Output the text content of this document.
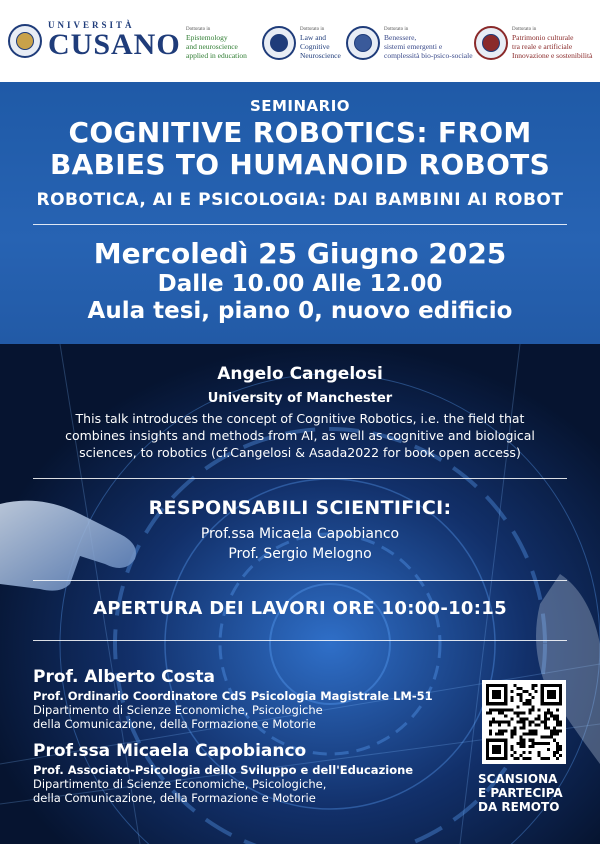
UNIVERSITÀ
CUSANO Dottorato in
Epistemology
and neuroscience
applied in education
Dottorato in
Law and
Cognitive
Neuroscience
Dottorato in
Benessere,
sistemi emergenti e
complessità bio-psico-sociale
Dottorato in
Patrimonio culturale
tra reale e artificiale
Innovazione e sostenibilità
SEMINARIO
COGNITIVE ROBOTICS: FROM
BABIES TO HUMANOID ROBOTS
ROBOTICA, AI E PSICOLOGIA: DAI BAMBINI AI ROBOT
Mercoledì 25 Giugno 2025
Dalle 10.00 Alle 12.00
Aula tesi, piano 0, nuovo edificio
Angelo Cangelosi
University of Manchester
This talk introduces the concept of Cognitive Robotics, i.e. the field that
combines insights and methods from AI, as well as cognitive and biological
sciences, to robotics (cf.Cangelosi & Asada2022 for book open access)
RESPONSABILI SCIENTIFICI:
Prof.ssa Micaela Capobianco
Prof. Sergio Melogno
APERTURA DEI LAVORI ORE 10:00-10:15
Prof. Alberto Costa
Prof. Ordinario Coordinatore CdS Psicologia Magistrale LM-51
Dipartimento di Scienze Economiche, Psicologiche
della Comunicazione, della Formazione e Motorie
Prof.ssa Micaela Capobianco
Prof. Associato-Psicologia dello Sviluppo e dell'Educazione
Dipartimento di Scienze Economiche, Psicologiche,
della Comunicazione, della Formazione e Motorie
SCANSIONA
E PARTECIPA
DA REMOTO
